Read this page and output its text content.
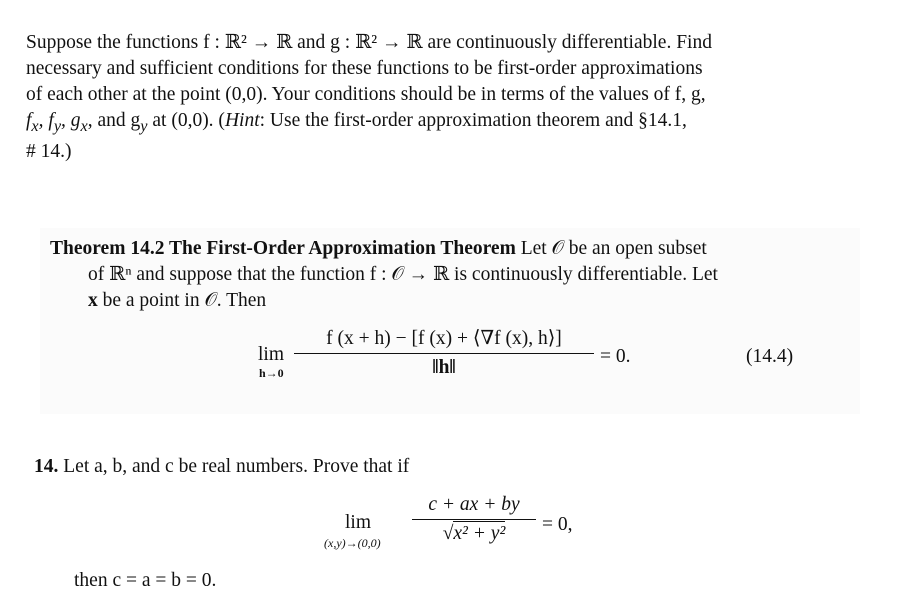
Suppose the functions f : ℝ² → ℝ and g : ℝ² → ℝ are continuously differentiable. Find

necessary and sufficient conditions for these functions to be first-order approximations

of each other at the point (0,0). Your conditions should be in terms of the values of f, g,

$f_x$, $f_y$, $g_x$, and $g_y$ at (0,0). (Hint: Use the first-order approximation theorem and §14.1,

# 14.)

Theorem 14.2 The First-Order Approximation Theorem Let 𝒪 be an open subset
of ℝⁿ and suppose that the function f : 𝒪 → ℝ is continuously differentiable. Let
x be a point in 𝒪. Then
lim
h→0
f (x + h) − [f (x) + ⟨∇f (x), h⟩]
‖h‖
= 0.	(14.4)
14. Let a, b, and c be real numbers. Prove that if
lim
(x,y)→(0,0)
c + ax + by
√x² + y²	= 0,
then c = a = b = 0.
